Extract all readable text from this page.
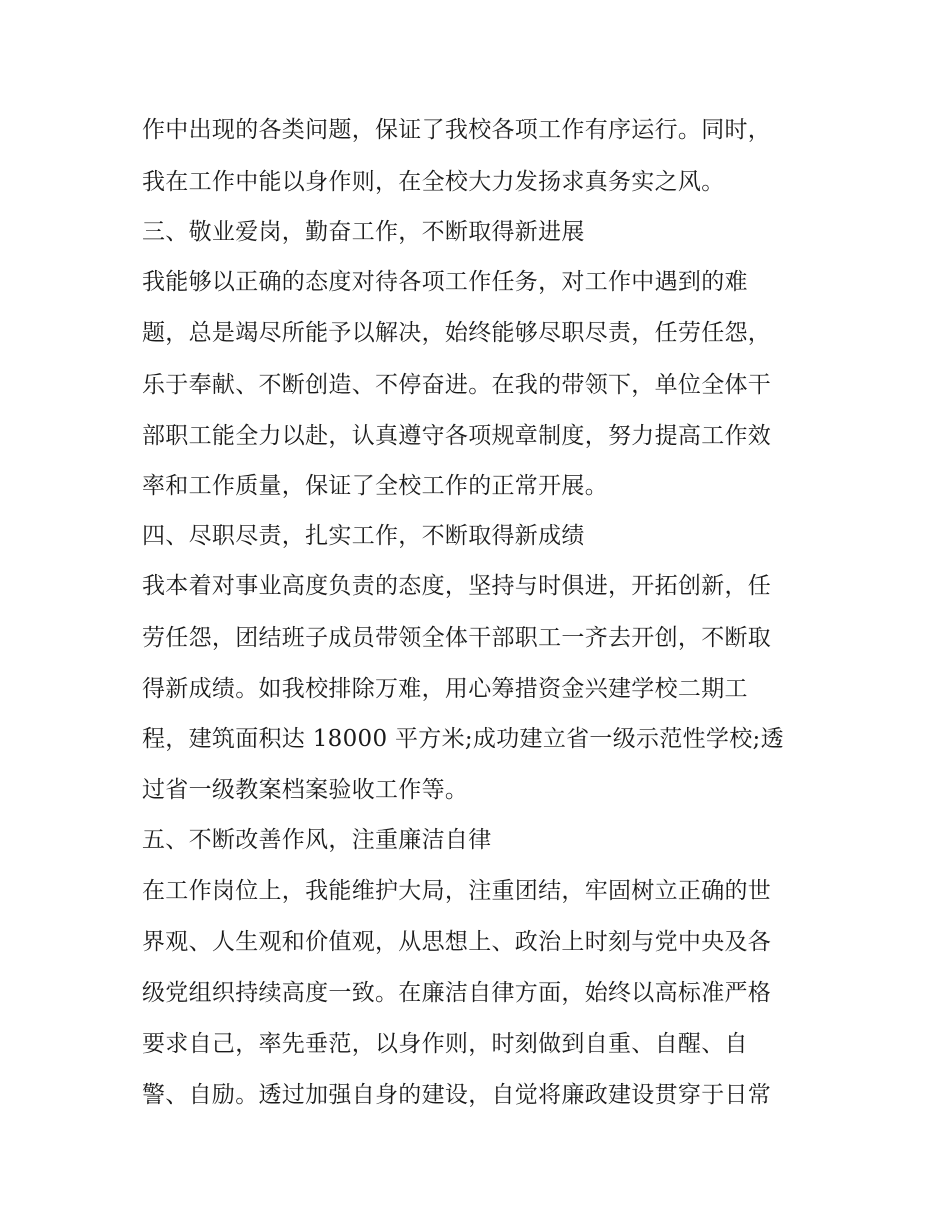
作中出现的各类问题，保证了我校各项工作有序运行。同时，
我在工作中能以身作则，在全校大力发扬求真务实之风。
三、敬业爱岗，勤奋工作，不断取得新进展
我能够以正确的态度对待各项工作任务，对工作中遇到的难
题，总是竭尽所能予以解决，始终能够尽职尽责，任劳任怨，
乐于奉献、不断创造、不停奋进。在我的带领下，单位全体干
部职工能全力以赴，认真遵守各项规章制度，努力提高工作效
率和工作质量，保证了全校工作的正常开展。
四、尽职尽责，扎实工作，不断取得新成绩
我本着对事业高度负责的态度，坚持与时俱进，开拓创新，任
劳任怨，团结班子成员带领全体干部职工一齐去开创，不断取
得新成绩。如我校排除万难，用心筹措资金兴建学校二期工
程，建筑面积达 18000 平方米;成功建立省一级示范性学校;透
过省一级教案档案验收工作等。
五、不断改善作风，注重廉洁自律
在工作岗位上，我能维护大局，注重团结，牢固树立正确的世
界观、人生观和价值观，从思想上、政治上时刻与党中央及各
级党组织持续高度一致。在廉洁自律方面，始终以高标准严格
要求自己，率先垂范，以身作则，时刻做到自重、自醒、自
警、自励。透过加强自身的建设，自觉将廉政建设贯穿于日常
